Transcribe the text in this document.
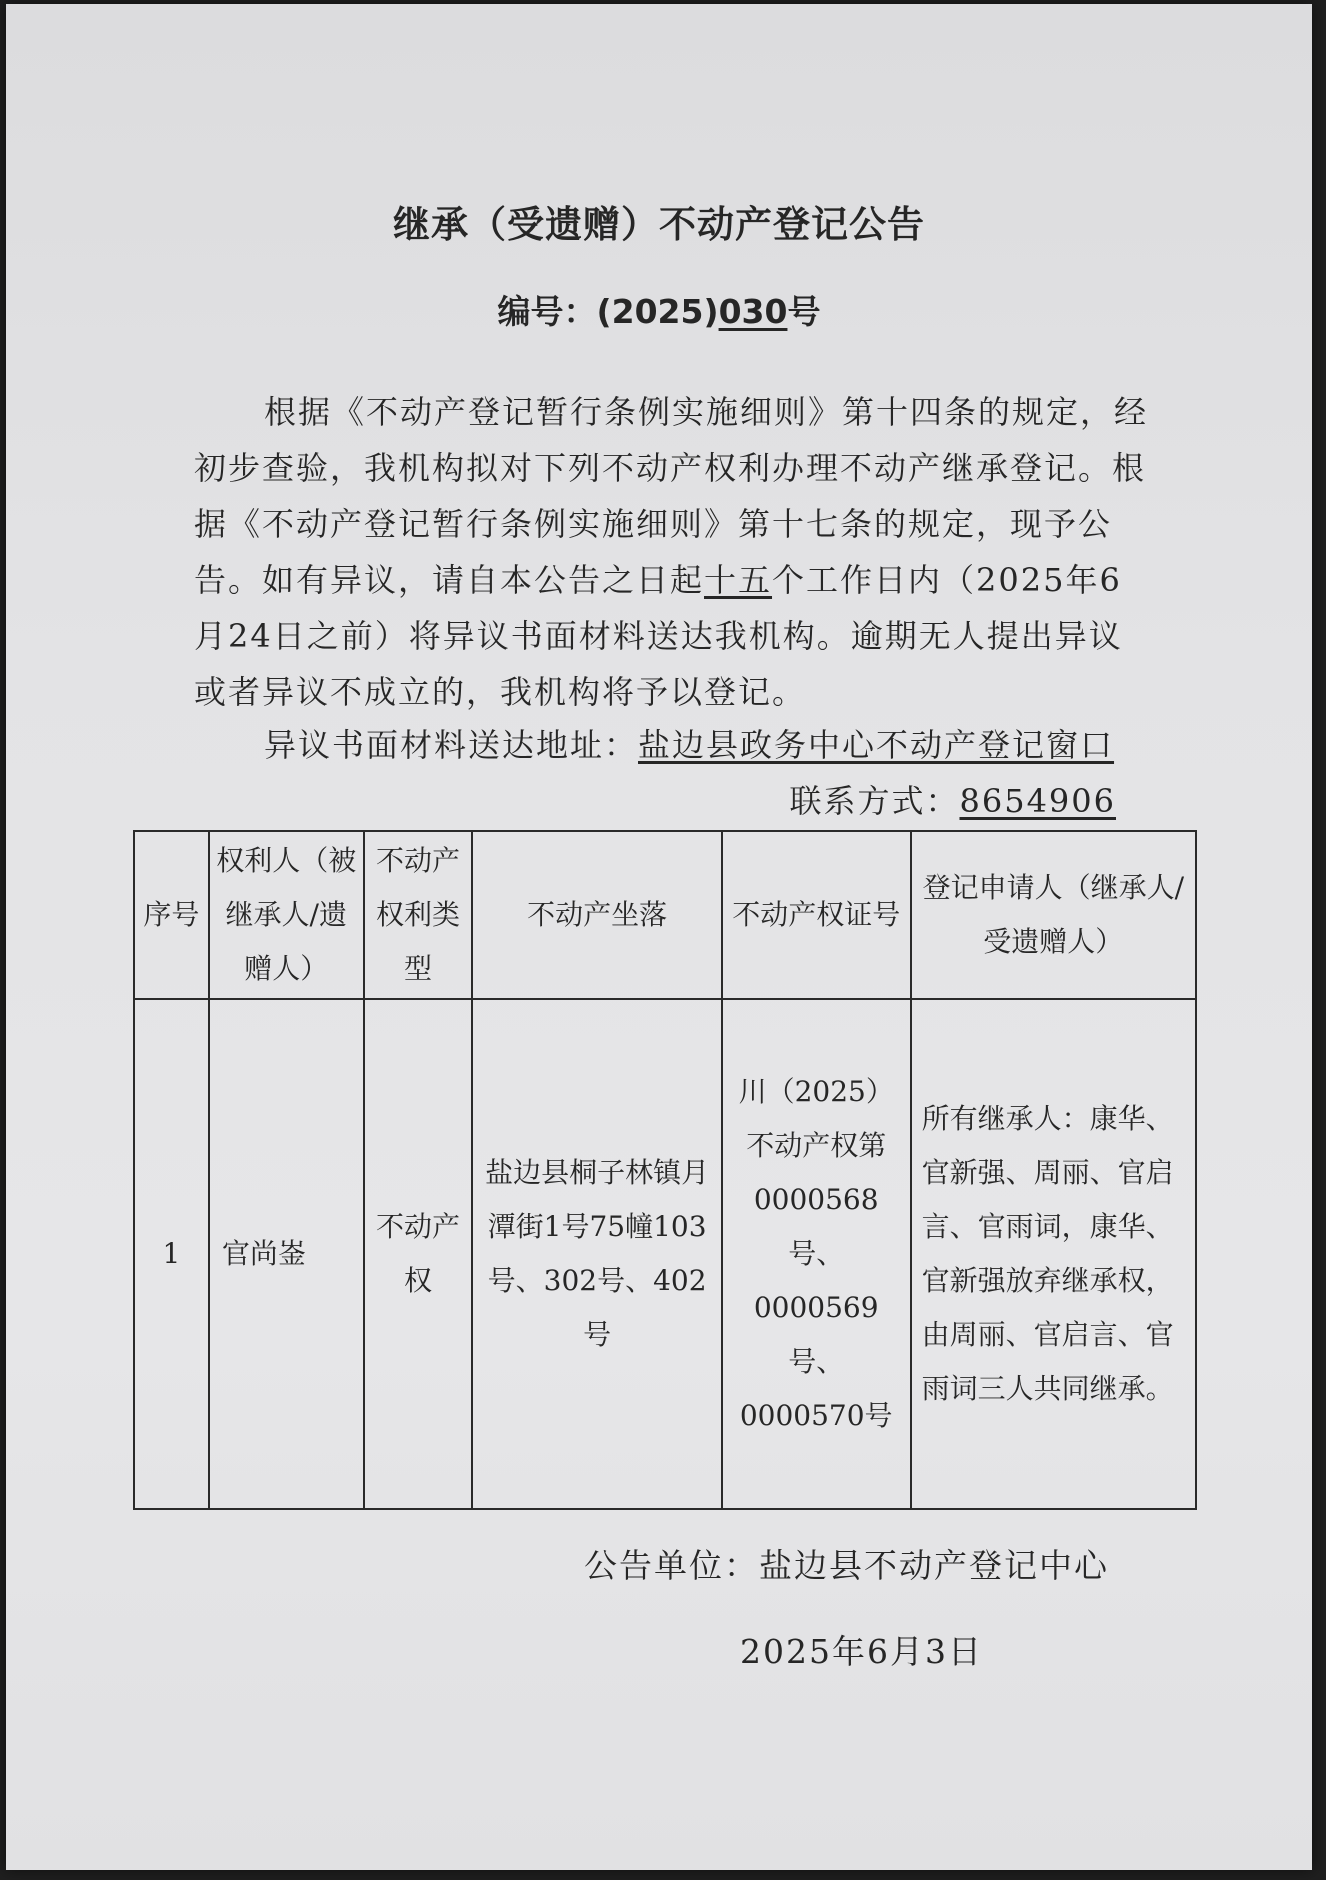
继承（受遗赠）不动产登记公告
编号：(2025)030号

根据《不动产登记暂行条例实施细则》第十四条的规定，经初步查验，我机构拟对下列不动产权利办理不动产继承登记。根据《不动产登记暂行条例实施细则》第十七条的规定，现予公告。如有异议，请自本公告之日起十五个工作日内（2025年6月24日之前）将异议书面材料送达我机构。逾期无人提出异议或者异议不成立的，我机构将予以登记。

异议书面材料送达地址：盐边县政务中心不动产登记窗口
联系方式：8654906
序号	权利人（被继承人/遗赠人）	不动产权利类型	不动产坐落	不动产权证号	登记申请人（继承人/受遗赠人）
1	官尚崟	不动产权	盐边县桐子林镇月潭街1号75幢103号、302号、402号	川（2025）不动产权第0000568号、0000569号、0000570号	所有继承人：康华、官新强、周丽、官启言、官雨词，康华、官新强放弃继承权，由周丽、官启言、官雨词三人共同继承。
公告单位：盐边县不动产登记中心
2025年6月3日
